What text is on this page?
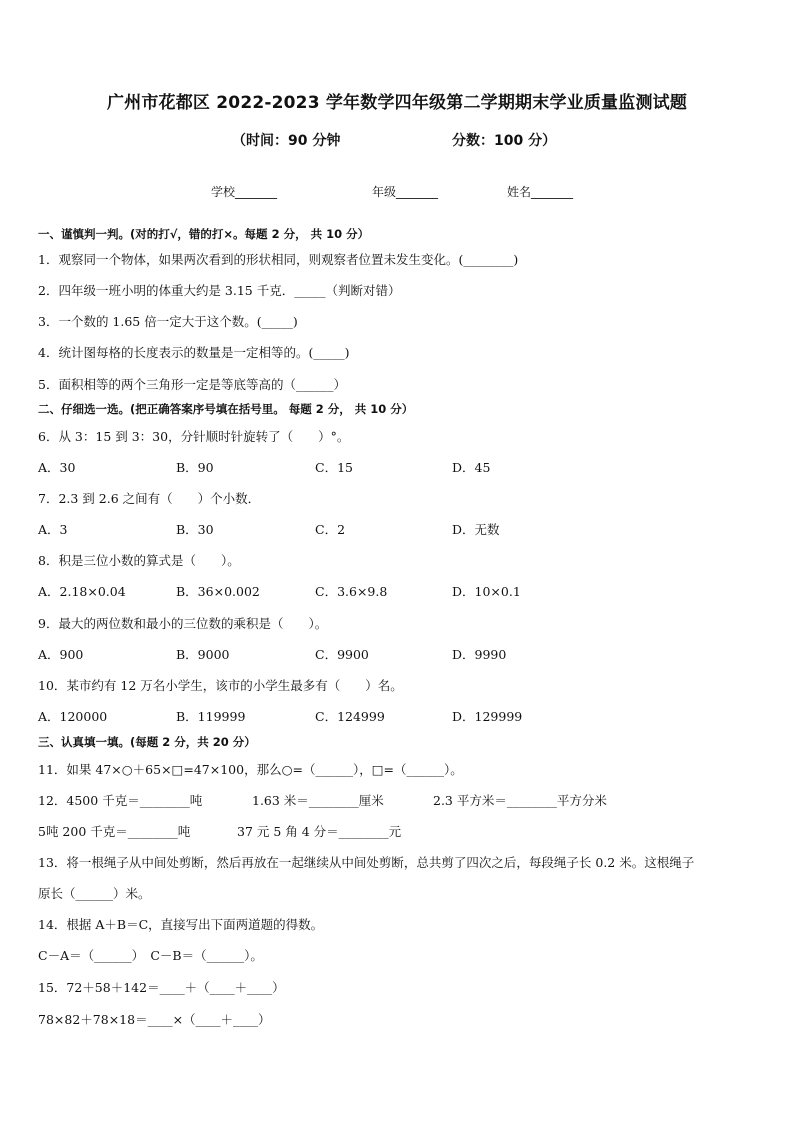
广州市花都区 2022-2023 学年数学四年级第二学期期末学业质量监测试题
（时间：90 分钟	分数：100 分）
学校_______	年级_______	姓名_______
一、谨慎判一判。(对的打√，错的打×。每题 2 分， 共 10 分）
1．观察同一个物体，如果两次看到的形状相同，则观察者位置未发生变化。(________)
2．四年级一班小明的体重大约是 3.15 千克．_____（判断对错）
3．一个数的 1.65 倍一定大于这个数。(_____)
4．统计图每格的长度表示的数量是一定相等的。(_____)
5．面积相等的两个三角形一定是等底等高的（______）
二、仔细选一选。(把正确答案序号填在括号里。 每题 2 分， 共 10 分）
6．从 3：15 到 3：30，分针顺时针旋转了（　　）°。
A．30	B．90	C．15	D．45
7．2.3 到 2.6 之间有（　　）个小数．
A．3	B．30	C．2	D．无数
8．积是三位小数的算式是（　　）。
A．2.18×0.04	B．36×0.002	C．3.6×9.8	D．10×0.1
9．最大的两位数和最小的三位数的乘积是（　　）。
A．900	B．9000	C．9900	D．9990
10．某市约有 12 万名小学生，该市的小学生最多有（　　）名。
A．120000	B．119999	C．124999	D．129999
三、认真填一填。(每题 2 分，共 20 分）
11．如果 47×○＋65×□=47×100，那么○=（______），□=（______）。
12．4500 千克＝________吨	1.63 米＝________厘米	2.3 平方米＝________平方分米
5吨 200 千克＝________吨	37 元 5 角 4 分＝________元
13．将一根绳子从中间处剪断，然后再放在一起继续从中间处剪断，总共剪了四次之后，每段绳子长 0.2 米。这根绳子
原长（______）米。
14．根据 A＋B＝C，直接写出下面两道题的得数。
C－A＝（______）　C－B＝（______）。
15．72＋58＋142＝____＋（____＋____）
78×82＋78×18＝____×（____＋____）
